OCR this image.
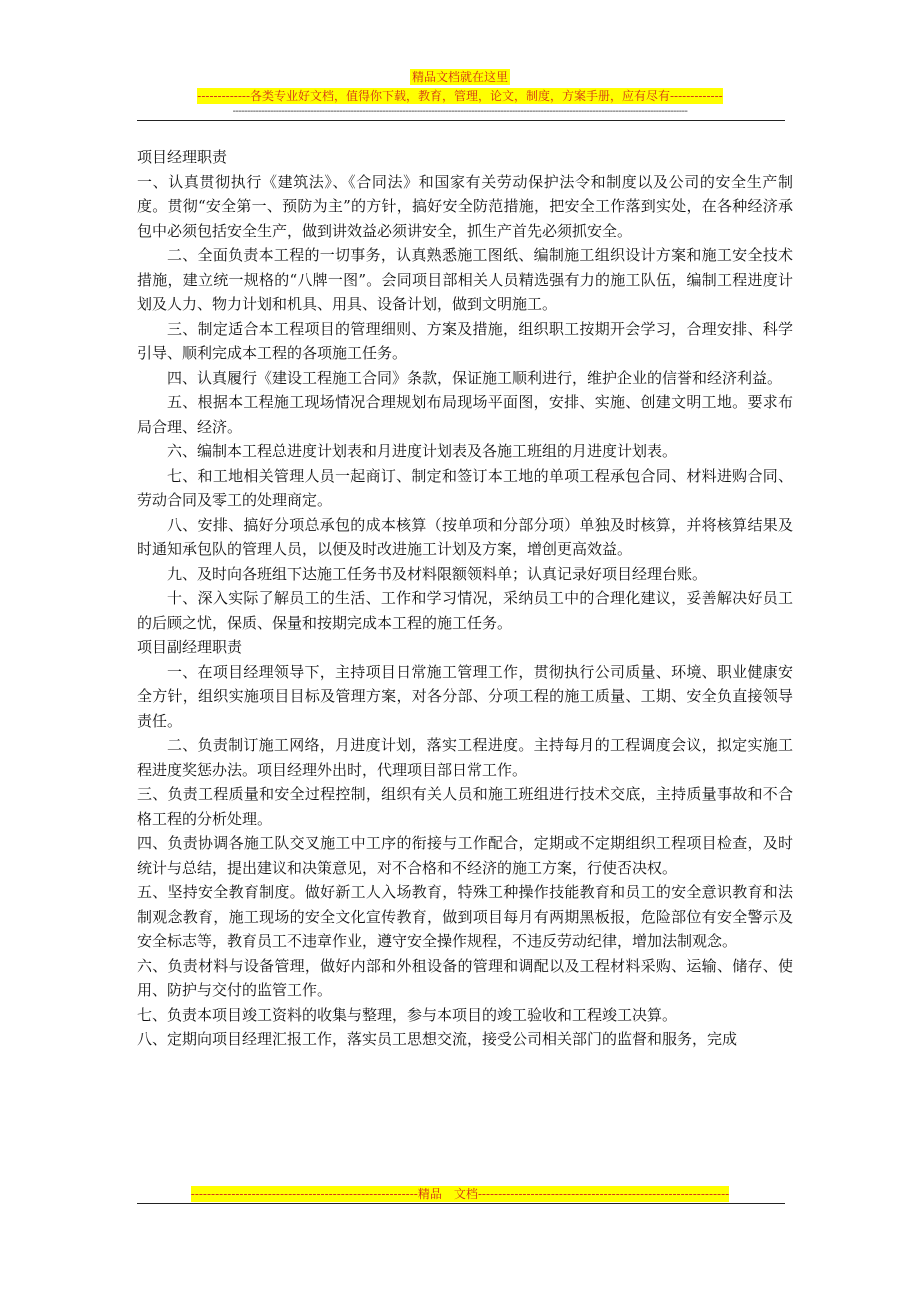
精品文档就在这里
-------------各类专业好文档，值得你下载，教育，管理，论文，制度，方案手册，应有尽有-------------
--------------------------------------------------------------------------------------------------------------------------------------------------------------

项目经理职责

一、认真贯彻执行《建筑法》、《合同法》和国家有关劳动保护法令和制度以及公司的安全生产制度。贯彻“安全第一、预防为主”的方针，搞好安全防范措施，把安全工作落到实处，在各种经济承包中必须包括安全生产，做到讲效益必须讲安全，抓生产首先必须抓安全。

二、全面负责本工程的一切事务，认真熟悉施工图纸、编制施工组织设计方案和施工安全技术措施，建立统一规格的“八牌一图”。会同项目部相关人员精选强有力的施工队伍，编制工程进度计划及人力、物力计划和机具、用具、设备计划，做到文明施工。

三、制定适合本工程项目的管理细则、方案及措施，组织职工按期开会学习，合理安排、科学引导、顺利完成本工程的各项施工任务。

四、认真履行《建设工程施工合同》条款，保证施工顺利进行，维护企业的信誉和经济利益。

五、根据本工程施工现场情况合理规划布局现场平面图，安排、实施、创建文明工地。要求布局合理、经济。

六、编制本工程总进度计划表和月进度计划表及各施工班组的月进度计划表。

七、和工地相关管理人员一起商订、制定和签订本工地的单项工程承包合同、材料进购合同、劳动合同及零工的处理商定。

八、安排、搞好分项总承包的成本核算（按单项和分部分项）单独及时核算，并将核算结果及时通知承包队的管理人员，以便及时改进施工计划及方案，增创更高效益。

九、及时向各班组下达施工任务书及材料限额领料单；认真记录好项目经理台账。

十、深入实际了解员工的生活、工作和学习情况，采纳员工中的合理化建议，妥善解决好员工的后顾之忧，保质、保量和按期完成本工程的施工任务。

项目副经理职责

一、在项目经理领导下，主持项目日常施工管理工作，贯彻执行公司质量、环境、职业健康安全方针，组织实施项目目标及管理方案，对各分部、分项工程的施工质量、工期、安全负直接领导责任。

二、负责制订施工网络，月进度计划，落实工程进度。主持每月的工程调度会议，拟定实施工程进度奖惩办法。项目经理外出时，代理项目部日常工作。

三、负责工程质量和安全过程控制，组织有关人员和施工班组进行技术交底，主持质量事故和不合格工程的分析处理。

四、负责协调各施工队交叉施工中工序的衔接与工作配合，定期或不定期组织工程项目检查，及时统计与总结，提出建议和决策意见，对不合格和不经济的施工方案，行使否决权。

五、坚持安全教育制度。做好新工人入场教育，特殊工种操作技能教育和员工的安全意识教育和法制观念教育，施工现场的安全文化宣传教育，做到项目每月有两期黑板报，危险部位有安全警示及安全标志等，教育员工不违章作业，遵守安全操作规程，不违反劳动纪律，增加法制观念。

六、负责材料与设备管理，做好内部和外租设备的管理和调配以及工程材料采购、运输、储存、使用、防护与交付的监管工作。

七、负责本项目竣工资料的收集与整理，参与本项目的竣工验收和工程竣工决算。

八、定期向项目经理汇报工作，落实员工思想交流，接受公司相关部门的监督和服务，完成

--------------------------------------------------------精品　文档--------------------------------------------------------------
